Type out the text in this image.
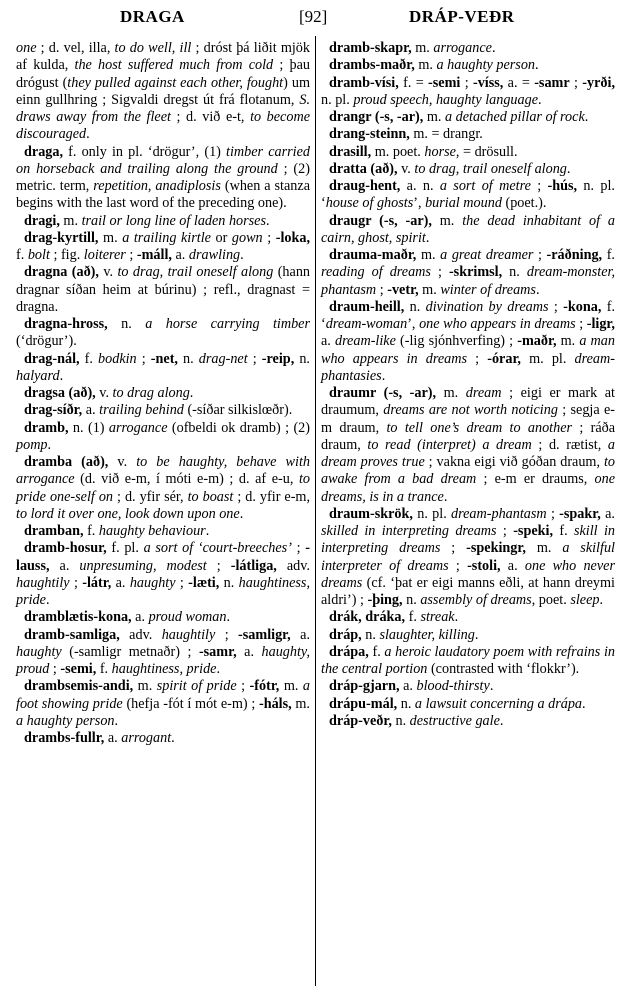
DRAGA	[92]	DRÁP-VEÐR

one ; d. vel, illa, to do well, ill ; dróst þá liðit mjök af kulda, the host suffered much from cold ; þau drógust (they pulled against each other, fought) um einn gullhring ; Sigvaldi dregst út frá flotanum, S. draws away from the fleet ; d. við e-t, to become discouraged.

draga, f. only in pl. ‘drögur’, (1) timber carried on horseback and trailing along the ground ; (2) metric. term, repetition, anadiplosis (when a stanza begins with the last word of the preceding one).

dragi, m. trail or long line of laden horses.

drag-kyrtill, m. a trailing kirtle or gown ; -loka, f. bolt ; fig. loiterer ; -máll, a. drawling.

dragna (að), v. to drag, trail oneself along (hann dragnar síðan heim at búrinu) ; refl., dragnast = dragna.

dragna-hross, n. a horse carrying timber (‘drögur’).

drag-nál, f. bodkin ; -net, n. drag-net ; -reip, n. halyard.

dragsa (að), v. to drag along.

drag-síðr, a. trailing behind (-síðar silkislœðr).

dramb, n. (1) arrogance (ofbeldi ok dramb) ; (2) pomp.

dramba (að), v. to be haughty, behave with arrogance (d. við e-m, í móti e-m) ; d. af e-u, to pride one-self on ; d. yfir sér, to boast ; d. yfir e-m, to lord it over one, look down upon one.

dramban, f. haughty behaviour.

dramb-hosur, f. pl. a sort of ‘court-breeches’ ; -lauss, a. unpresuming, modest ; -látliga, adv. haughtily ; -látr, a. haughty ; -læti, n. haughtiness, pride.

dramblætis-kona, a. proud woman.

dramb-samliga, adv. haughtily ; -samligr, a. haughty (-samligr metnaðr) ; -samr, a. haughty, proud ; -semi, f. haughtiness, pride.

drambsemis-andi, m. spirit of pride ; -fótr, m. a foot showing pride (hefja -fót í mót e-m) ; -háls, m. a haughty person.

drambs-fullr, a. arrogant.

dramb-skapr, m. arrogance.

drambs-maðr, m. a haughty person.

dramb-vísi, f. = -semi ; -víss, a. = -samr ; -yrði, n. pl. proud speech, haughty language.

drangr (-s, -ar), m. a detached pillar of rock.

drang-steinn, m. = drangr.

drasill, m. poet. horse, = drösull.

dratta (að), v. to drag, trail oneself along.

draug-hent, a. n. a sort of metre ; -hús, n. pl. ‘house of ghosts’, burial mound (poet.).

draugr (-s, -ar), m. the dead inhabitant of a cairn, ghost, spirit.

drauma-maðr, m. a great dreamer ; -ráðning, f. reading of dreams ; -skrimsl, n. dream-monster, phantasm ; -vetr, m. winter of dreams.

draum-heill, n. divination by dreams ; -kona, f. ‘dream-woman’, one who appears in dreams ; -ligr, a. dream-like (-lig sjónhverfing) ; -maðr, m. a man who appears in dreams ; -órar, m. pl. dream-phantasies.

draumr (-s, -ar), m. dream ; eigi er mark at draumum, dreams are not worth noticing ; segja e-m draum, to tell one’s dream to another ; ráða draum, to read (interpret) a dream ; d. rætist, a dream proves true ; vakna eigi við góðan draum, to awake from a bad dream ; e-m er draums, one dreams, is in a trance.

draum-skrök, n. pl. dream-phantasm ; -spakr, a. skilled in interpreting dreams ; -speki, f. skill in interpreting dreams ; -spekingr, m. a skilful interpreter of dreams ; -stoli, a. one who never dreams (cf. ‘þat er eigi manns eðli, at hann dreymi aldri’) ; -þing, n. assembly of dreams, poet. sleep.

drák, dráka, f. streak.

dráp, n. slaughter, killing.

drápa, f. a heroic laudatory poem with refrains in the central portion (contrasted with ‘flokkr’).

dráp-gjarn, a. blood-thirsty.

drápu-mál, n. a lawsuit concerning a drápa.

dráp-veðr, n. destructive gale.
